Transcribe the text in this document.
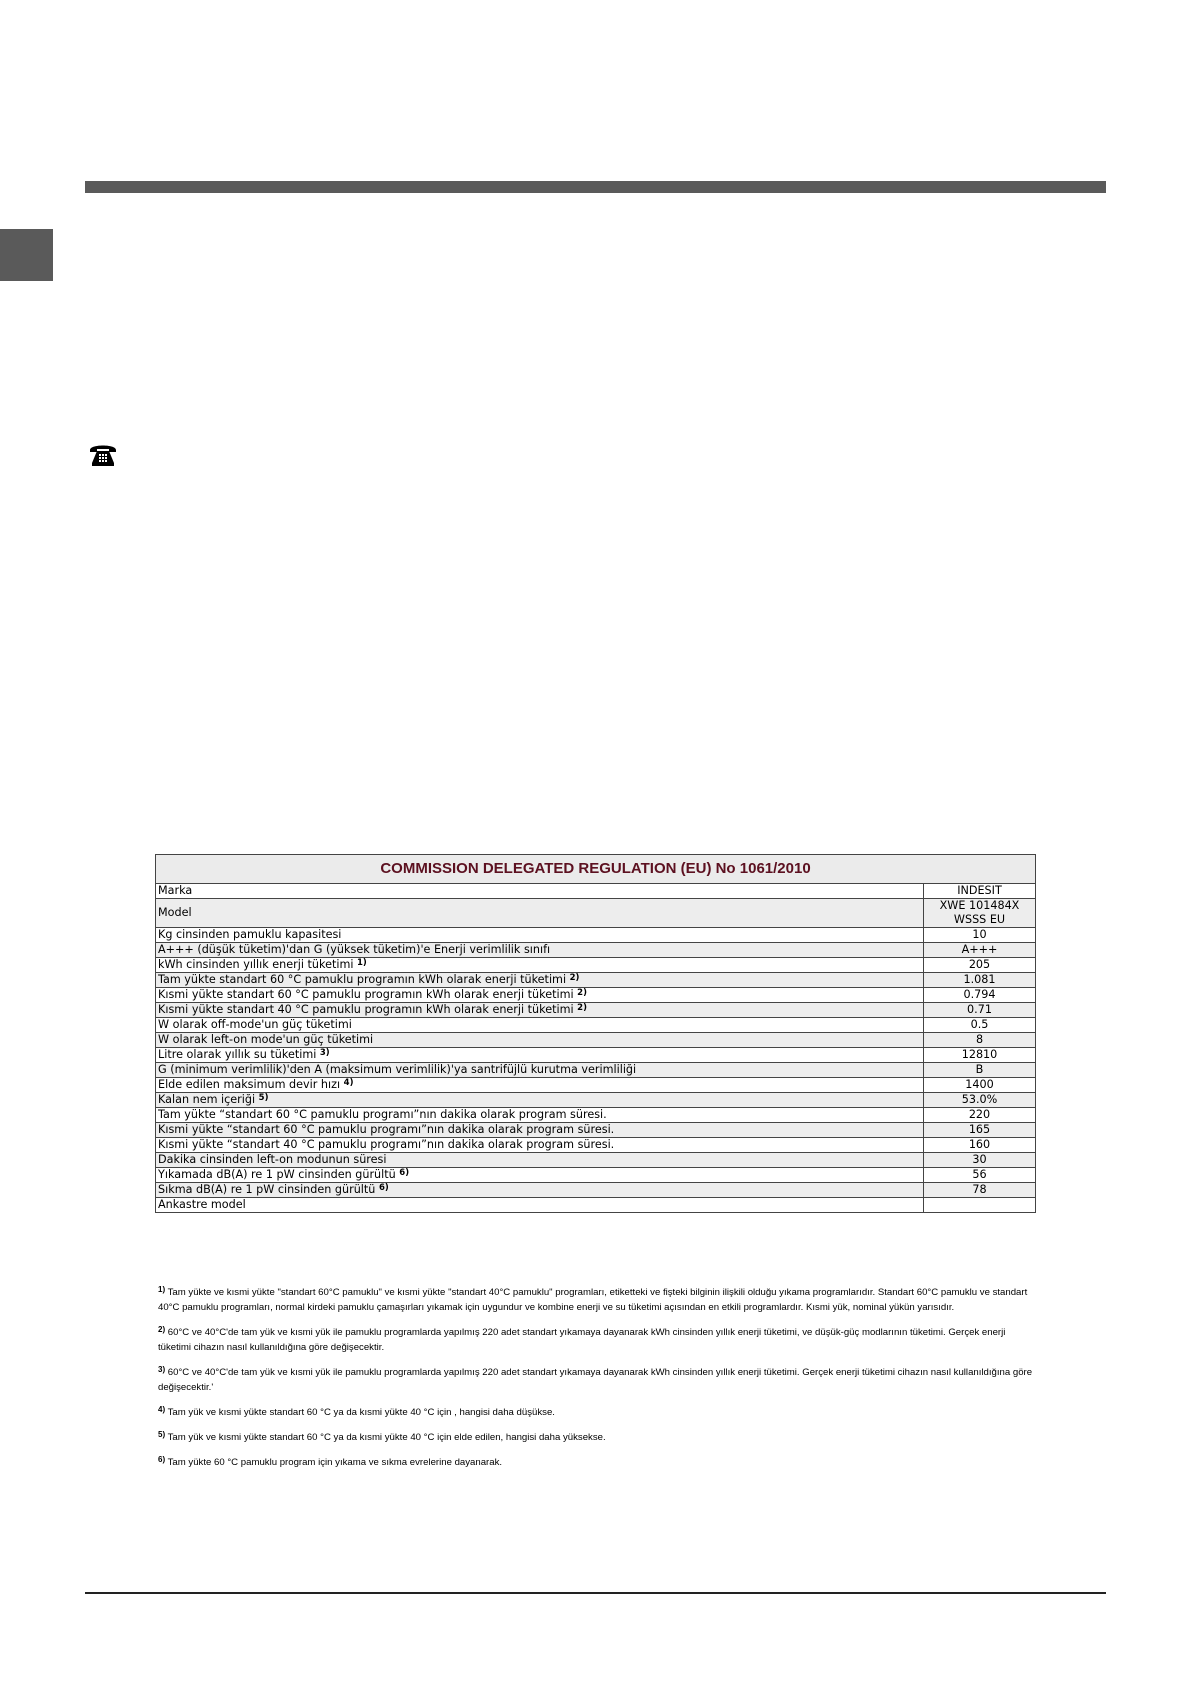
COMMISSION DELEGATED REGULATION (EU) No 1061/2010	
Marka	INDESIT
Model	XWE 101484X
WSSS EU
Kg cinsinden pamuklu kapasitesi	10
A+++ (düşük tüketim)'dan G (yüksek tüketim)'e Enerji verimlilik sınıfı	A+++
kWh cinsinden yıllık enerji tüketimi $^{1)}$	205
Tam yükte standart 60 °C pamuklu programın kWh olarak enerji tüketimi $^{2)}$	1.081
Kısmi yükte standart 60 °C pamuklu programın kWh olarak enerji tüketimi $^{2)}$	0.794
Kısmi yükte standart 40 °C pamuklu programın kWh olarak enerji tüketimi $^{2)}$	0.71
W olarak off-mode'un güç tüketimi	0.5
W olarak left-on mode'un güç tüketimi	8
Litre olarak yıllık su tüketimi $^{3)}$	12810
G (minimum verimlilik)'den A (maksimum verimlilik)'ya santrifüjlü kurutma verimliliği	B
Elde edilen maksimum devir hızı $^{4)}$	1400
Kalan nem içeriği $^{5)}$	53.0%
Tam yükte “standart 60 °C pamuklu programı”nın dakika olarak program süresi.	220
Kısmi yükte “standart 60 °C pamuklu programı”nın dakika olarak program süresi.	165
Kısmi yükte “standart 40 °C pamuklu programı”nın dakika olarak program süresi.	160
Dakika cinsinden left-on modunun süresi	30
Yıkamada dB(A) re 1 pW cinsinden gürültü $^{6)}$	56
Sıkma dB(A) re 1 pW cinsinden gürültü $^{6)}$	78
Ankastre model	

$^{1)}$ Tam yükte ve kısmi yükte "standart 60°C pamuklu" ve kısmi yükte "standart 40°C pamuklu" programları, etiketteki ve fişteki bilginin ilişkili olduğu yıkama programlarıdır. Standart 60°C pamuklu ve standart 40°C pamuklu programları, normal kirdeki pamuklu çamaşırları yıkamak için uygundur ve kombine enerji ve su tüketimi açısından en etkili programlardır. Kısmi yük, nominal yükün yarısıdır.

$^{2)}$ 60°C ve 40°C'de tam yük ve kısmi yük ile pamuklu programlarda yapılmış 220 adet standart yıkamaya dayanarak kWh cinsinden yıllık enerji tüketimi, ve düşük-güç modlarının tüketimi. Gerçek enerji tüketimi cihazın nasıl kullanıldığına göre değişecektir.

$^{3)}$ 60°C ve 40°C'de tam yük ve kısmi yük ile pamuklu programlarda yapılmış 220 adet standart yıkamaya dayanarak kWh cinsinden yıllık enerji tüketimi. Gerçek enerji tüketimi cihazın nasıl kullanıldığına göre değişecektir.'

$^{4)}$ Tam yük ve kısmi yükte standart 60 °C ya da kısmi yükte 40 °C için , hangisi daha düşükse.

$^{5)}$ Tam yük ve kısmi yükte standart 60 °C ya da kısmi yükte 40 °C için elde edilen, hangisi daha yüksekse.

$^{6)}$ Tam yükte 60 °C pamuklu program için yıkama ve sıkma evrelerine dayanarak.
